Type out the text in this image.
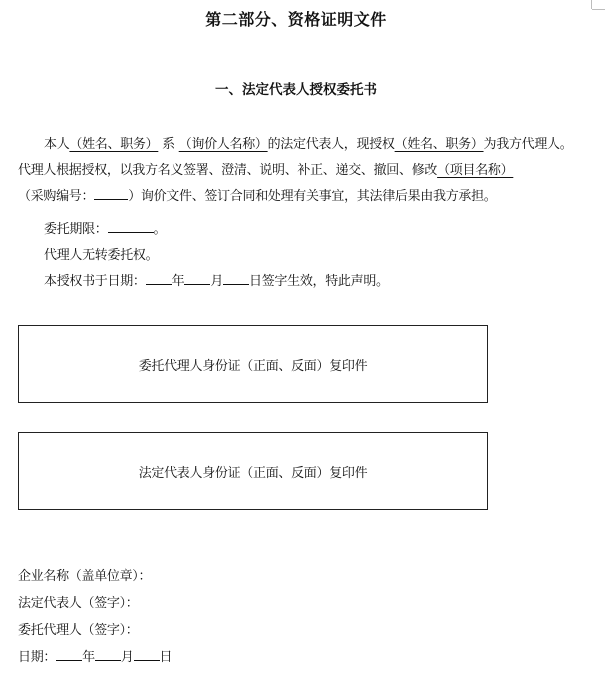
第二部分、资格证明文件
一、法定代表人授权委托书
本人（姓名、职务） 系 （询价人名称）的法定代表人，现授权（姓名、职务）为我方代理人。代理人根据授权，以我方名义签署、澄清、说明、补正、递交、撤回、修改（项目名称）
（采购编号：	）询价文件、签订合同和处理有关事宜，其法律后果由我方承担。
委托期限：	。
代理人无转委托权。
本授权书于日期： 年 月 日签字生效，特此声明。
委托代理人身份证（正面、反面）复印件
法定代表人身份证（正面、反面）复印件
企业名称（盖单位章）：
法定代表人（签字）：
委托代理人（签字）：
日期： 年 月 日
